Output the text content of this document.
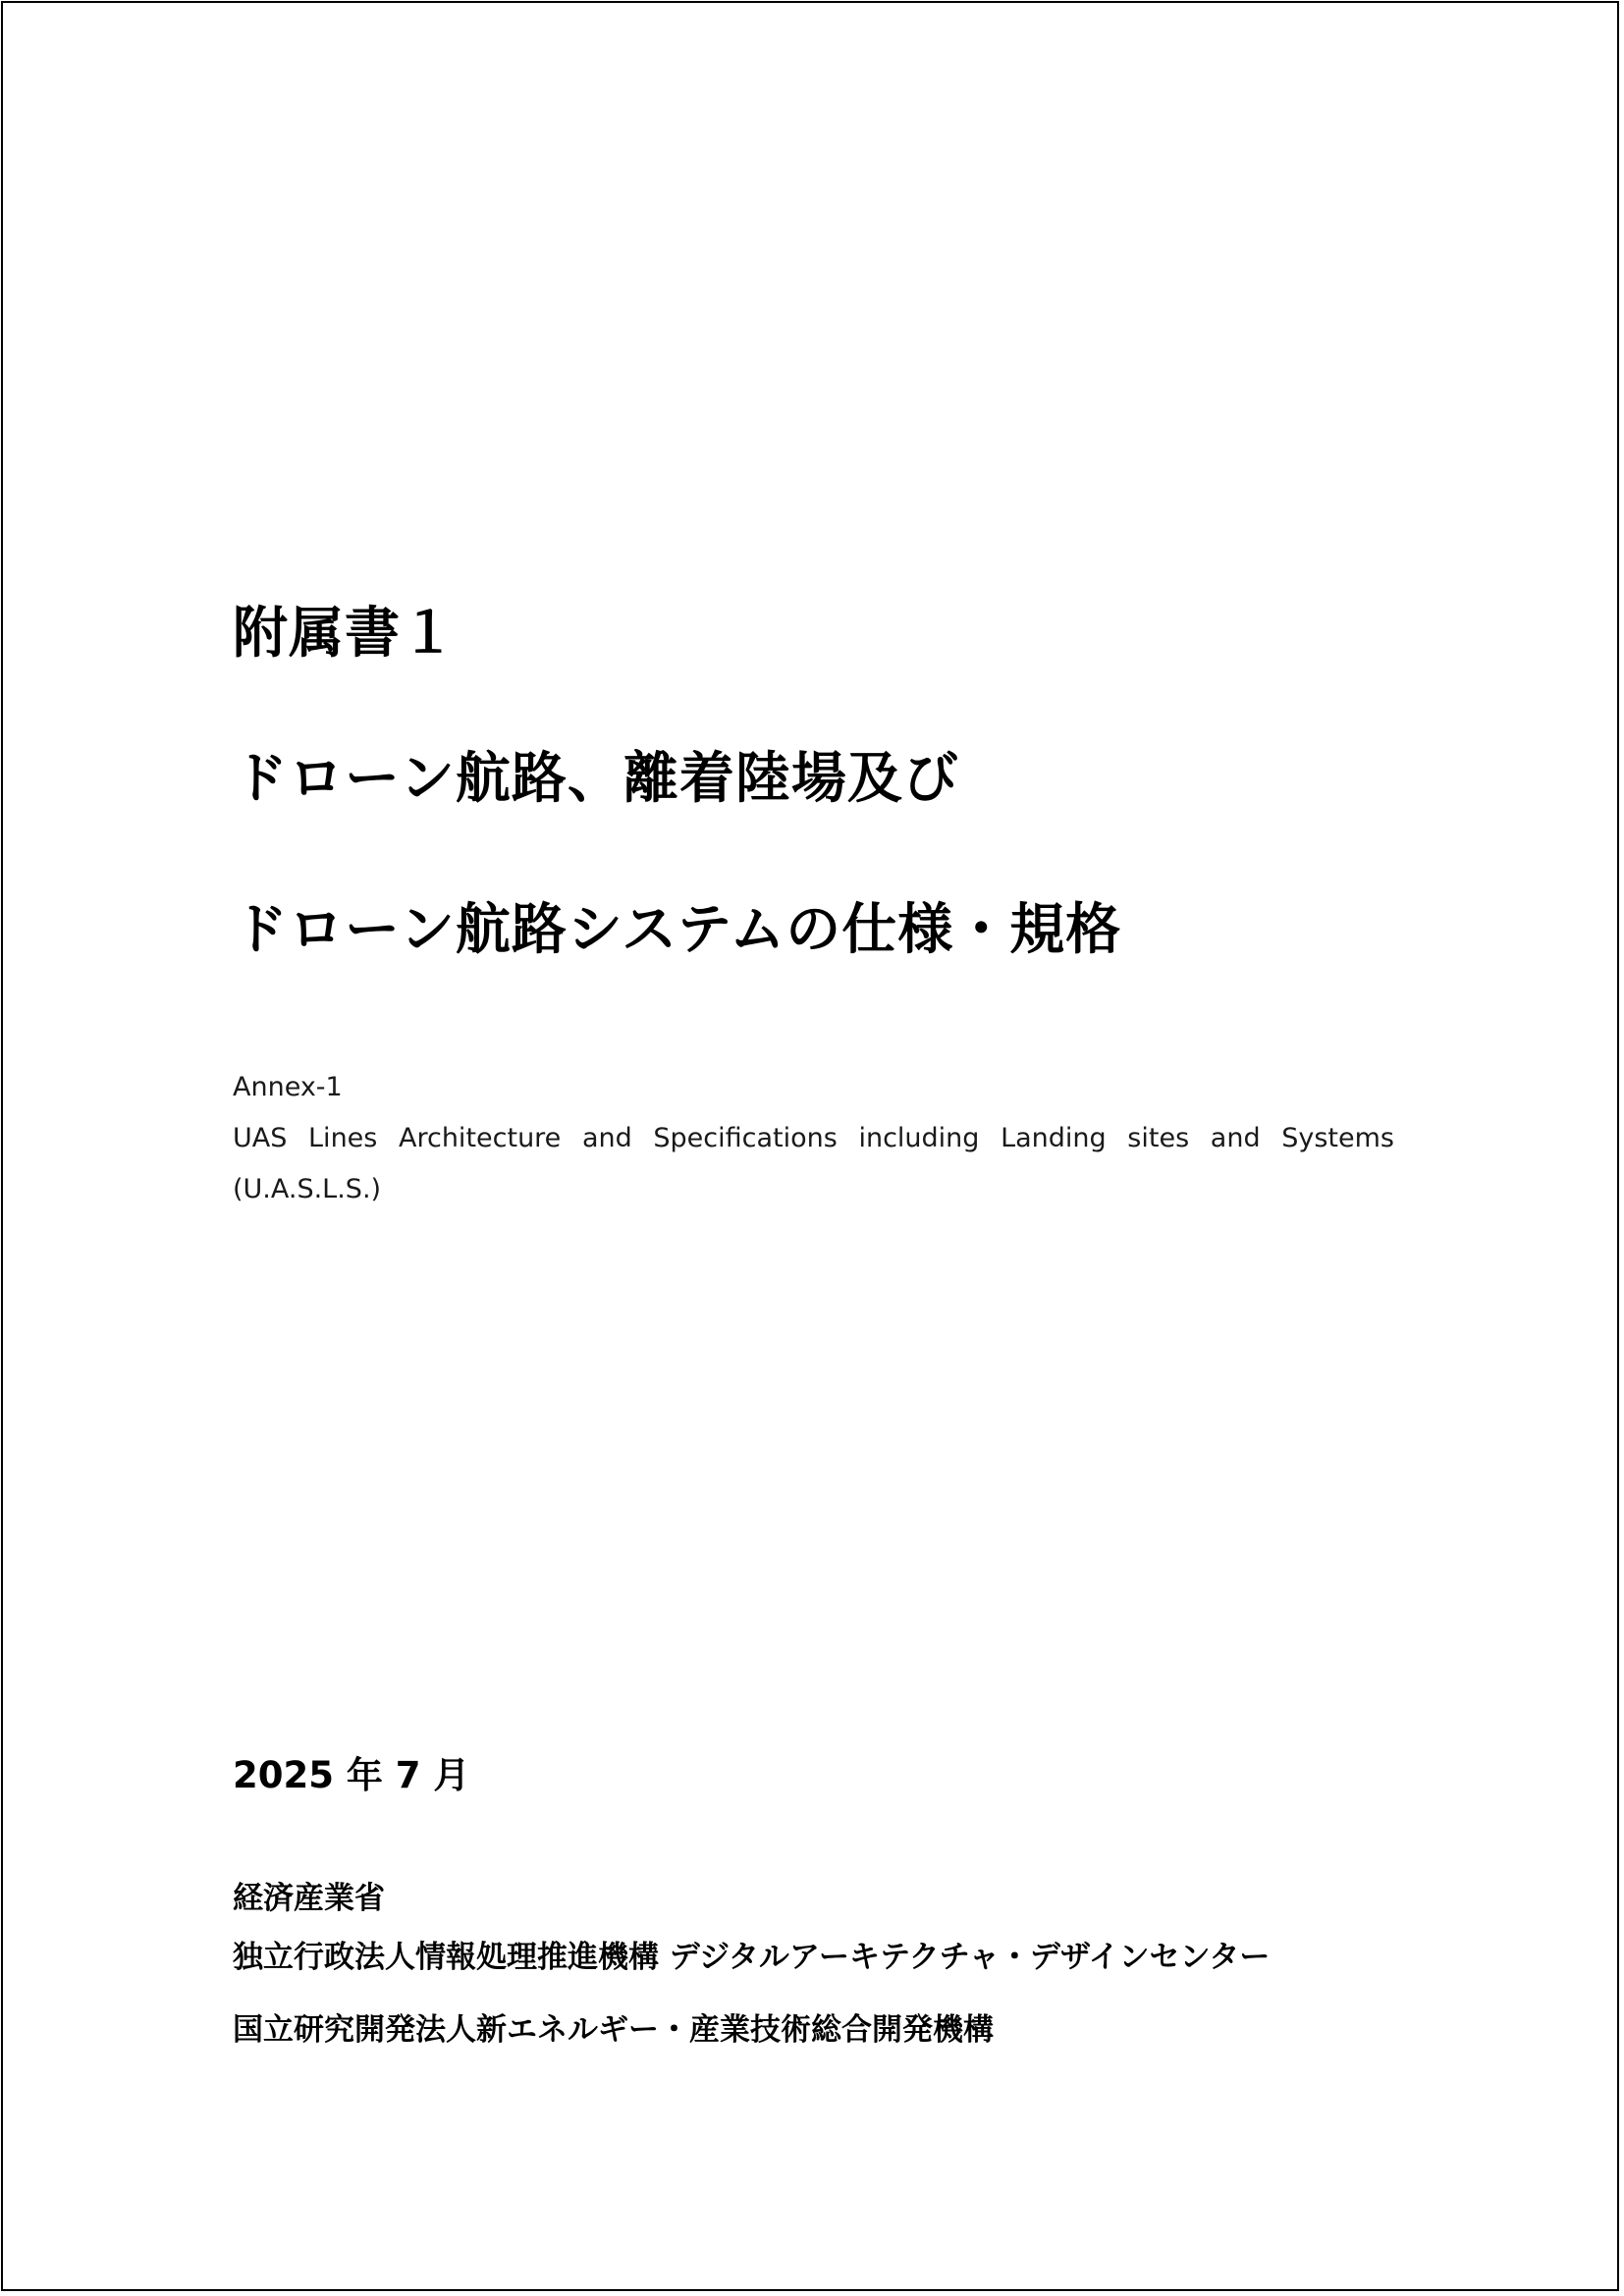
附属書１
ドローン航路、離着陸場及び
ドローン航路システムの仕様・規格

Annex-1

UAS Lines Architecture and Specifications including Landing sites and Systems (U.A.S.L.S.)

2025 年 7 月

経済産業省

独立行政法人情報処理推進機構 デジタルアーキテクチャ・デザインセンター

国立研究開発法人新エネルギー・産業技術総合開発機構
